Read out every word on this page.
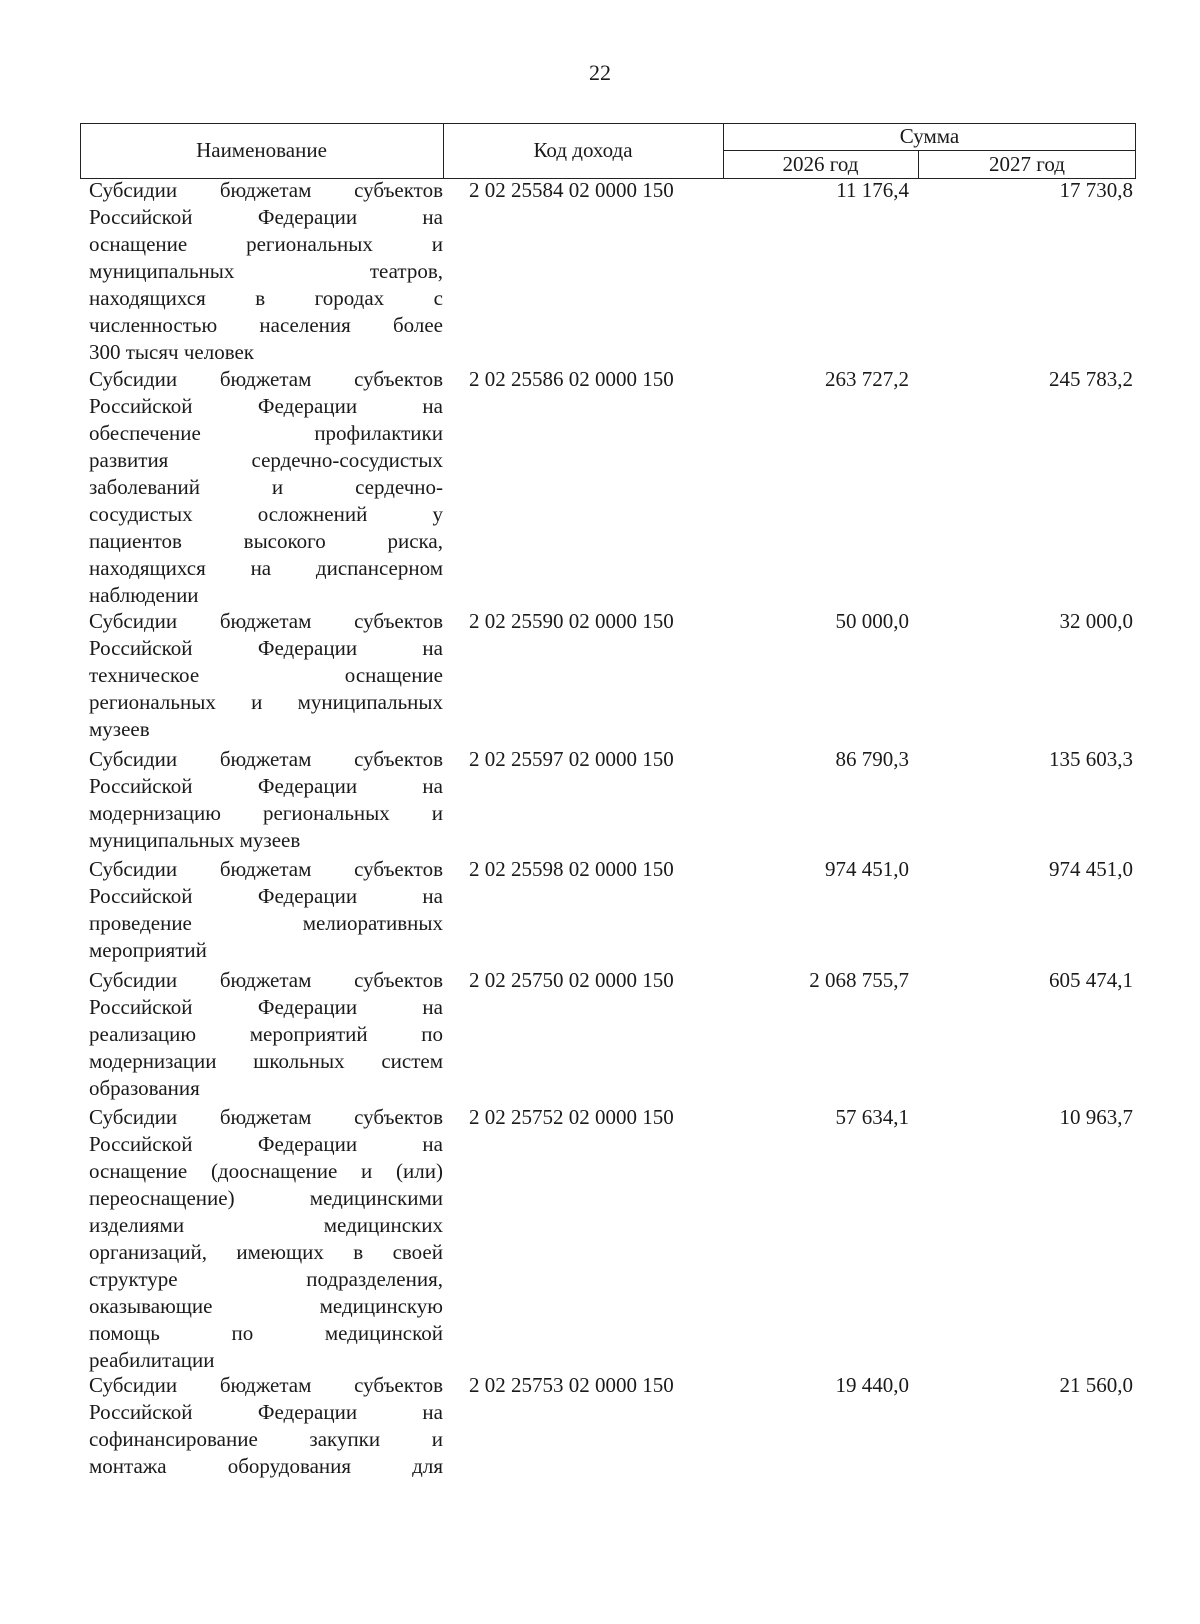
22
Наименование	Код дохода
Сумма
2026 год	2027 год
Субсидии бюджетам субъектов
Российской Федерации на
оснащение региональных и
муниципальных театров,
находящихся в городах с
численностью населения более
300 тысяч человек
2 02 25584 02 0000 150	11 176,4	17 730,8
Субсидии бюджетам субъектов
Российской Федерации на
обеспечение профилактики
развития сердечно-сосудистых
заболеваний и сердечно-
сосудистых осложнений у
пациентов высокого риска,
находящихся на диспансерном
наблюдении
2 02 25586 02 0000 150	263 727,2	245 783,2
Субсидии бюджетам субъектов
Российской Федерации на
техническое оснащение
региональных и муниципальных
музеев
2 02 25590 02 0000 150	50 000,0	32 000,0
Субсидии бюджетам субъектов
Российской Федерации на
модернизацию региональных и
муниципальных музеев
2 02 25597 02 0000 150	86 790,3	135 603,3
Субсидии бюджетам субъектов
Российской Федерации на
проведение мелиоративных
мероприятий
2 02 25598 02 0000 150	974 451,0	974 451,0
Субсидии бюджетам субъектов
Российской Федерации на
реализацию мероприятий по
модернизации школьных систем
образования
2 02 25750 02 0000 150	2 068 755,7	605 474,1
Субсидии бюджетам субъектов
Российской Федерации на
оснащение (дооснащение и (или)
переоснащение) медицинскими
изделиями медицинских
организаций, имеющих в своей
структуре подразделения,
оказывающие медицинскую
помощь по медицинской
реабилитации
2 02 25752 02 0000 150	57 634,1	10 963,7
Субсидии бюджетам субъектов
Российской Федерации на
софинансирование закупки и
монтажа оборудования для
2 02 25753 02 0000 150	19 440,0	21 560,0
